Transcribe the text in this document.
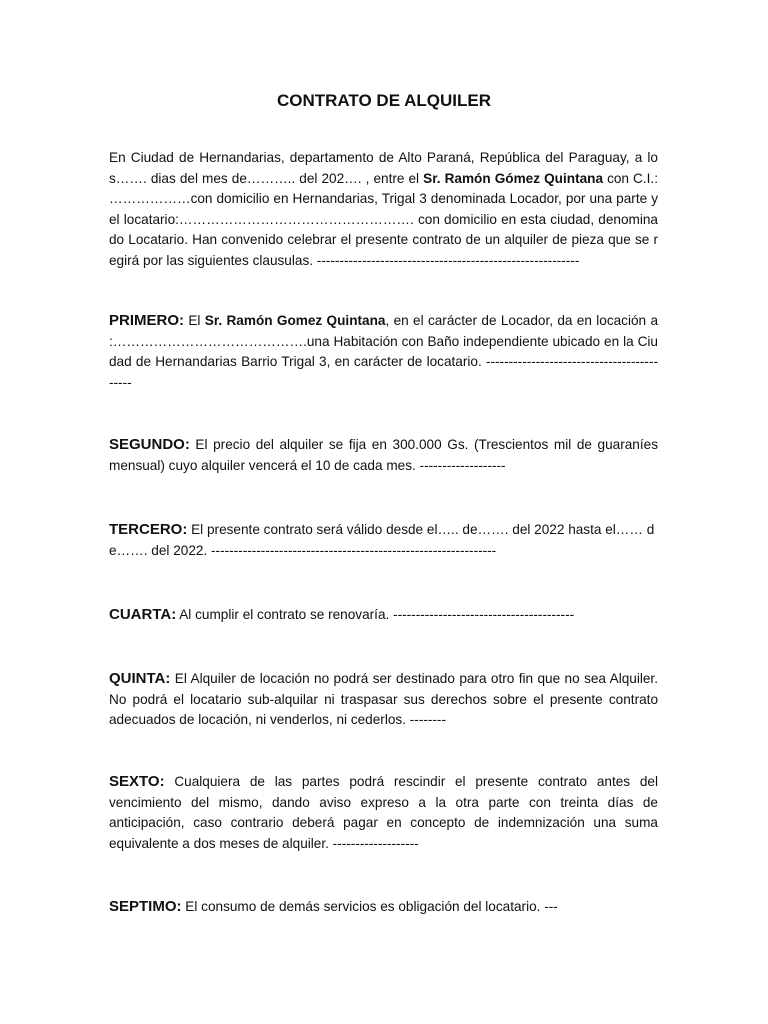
CONTRATO DE ALQUILER
En Ciudad de Hernandarias, departamento de Alto Paraná, República del Paraguay, a los……. dias del mes de……….. del 202…. , entre el Sr. Ramón Gómez Quintana con C.I.: ………………con domicilio en Hernandarias, Trigal 3 denominada Locador, por una parte y el locatario:……………………………………………. con domicilio en esta ciudad, denominado Locatario. Han convenido celebrar el presente contrato de un alquiler de pieza que se regirá por las siguientes clausulas. ----------------------------------------------------------
PRIMERO: El Sr. Ramón Gomez Quintana, en el carácter de Locador, da en locación a :…………………………………….una Habitación con Baño independiente ubicado en la Ciudad de Hernandarias Barrio Trigal 3, en carácter de locatario. -------------------------------------------
SEGUNDO: El precio del alquiler se fija en 300.000 Gs. (Trescientos mil de guaraníes mensual) cuyo alquiler vencerá el 10 de cada mes. -------------------
TERCERO: El presente contrato será válido desde el….. de……. del 2022 hasta el…… de……. del 2022. ---------------------------------------------------------------
CUARTA: Al cumplir el contrato se renovaría. ----------------------------------------
QUINTA: El Alquiler de locación no podrá ser destinado para otro fin que no sea Alquiler. No podrá el locatario sub-alquilar ni traspasar sus derechos sobre el presente contrato adecuados de locación, ni venderlos, ni cederlos. --------
SEXTO: Cualquiera de las partes podrá rescindir el presente contrato antes del vencimiento del mismo, dando aviso expreso a la otra parte con treinta días de anticipación, caso contrario deberá pagar en concepto de indemnización una suma equivalente a dos meses de alquiler. -------------------
SEPTIMO: El consumo de demás servicios es obligación del locatario. ---
